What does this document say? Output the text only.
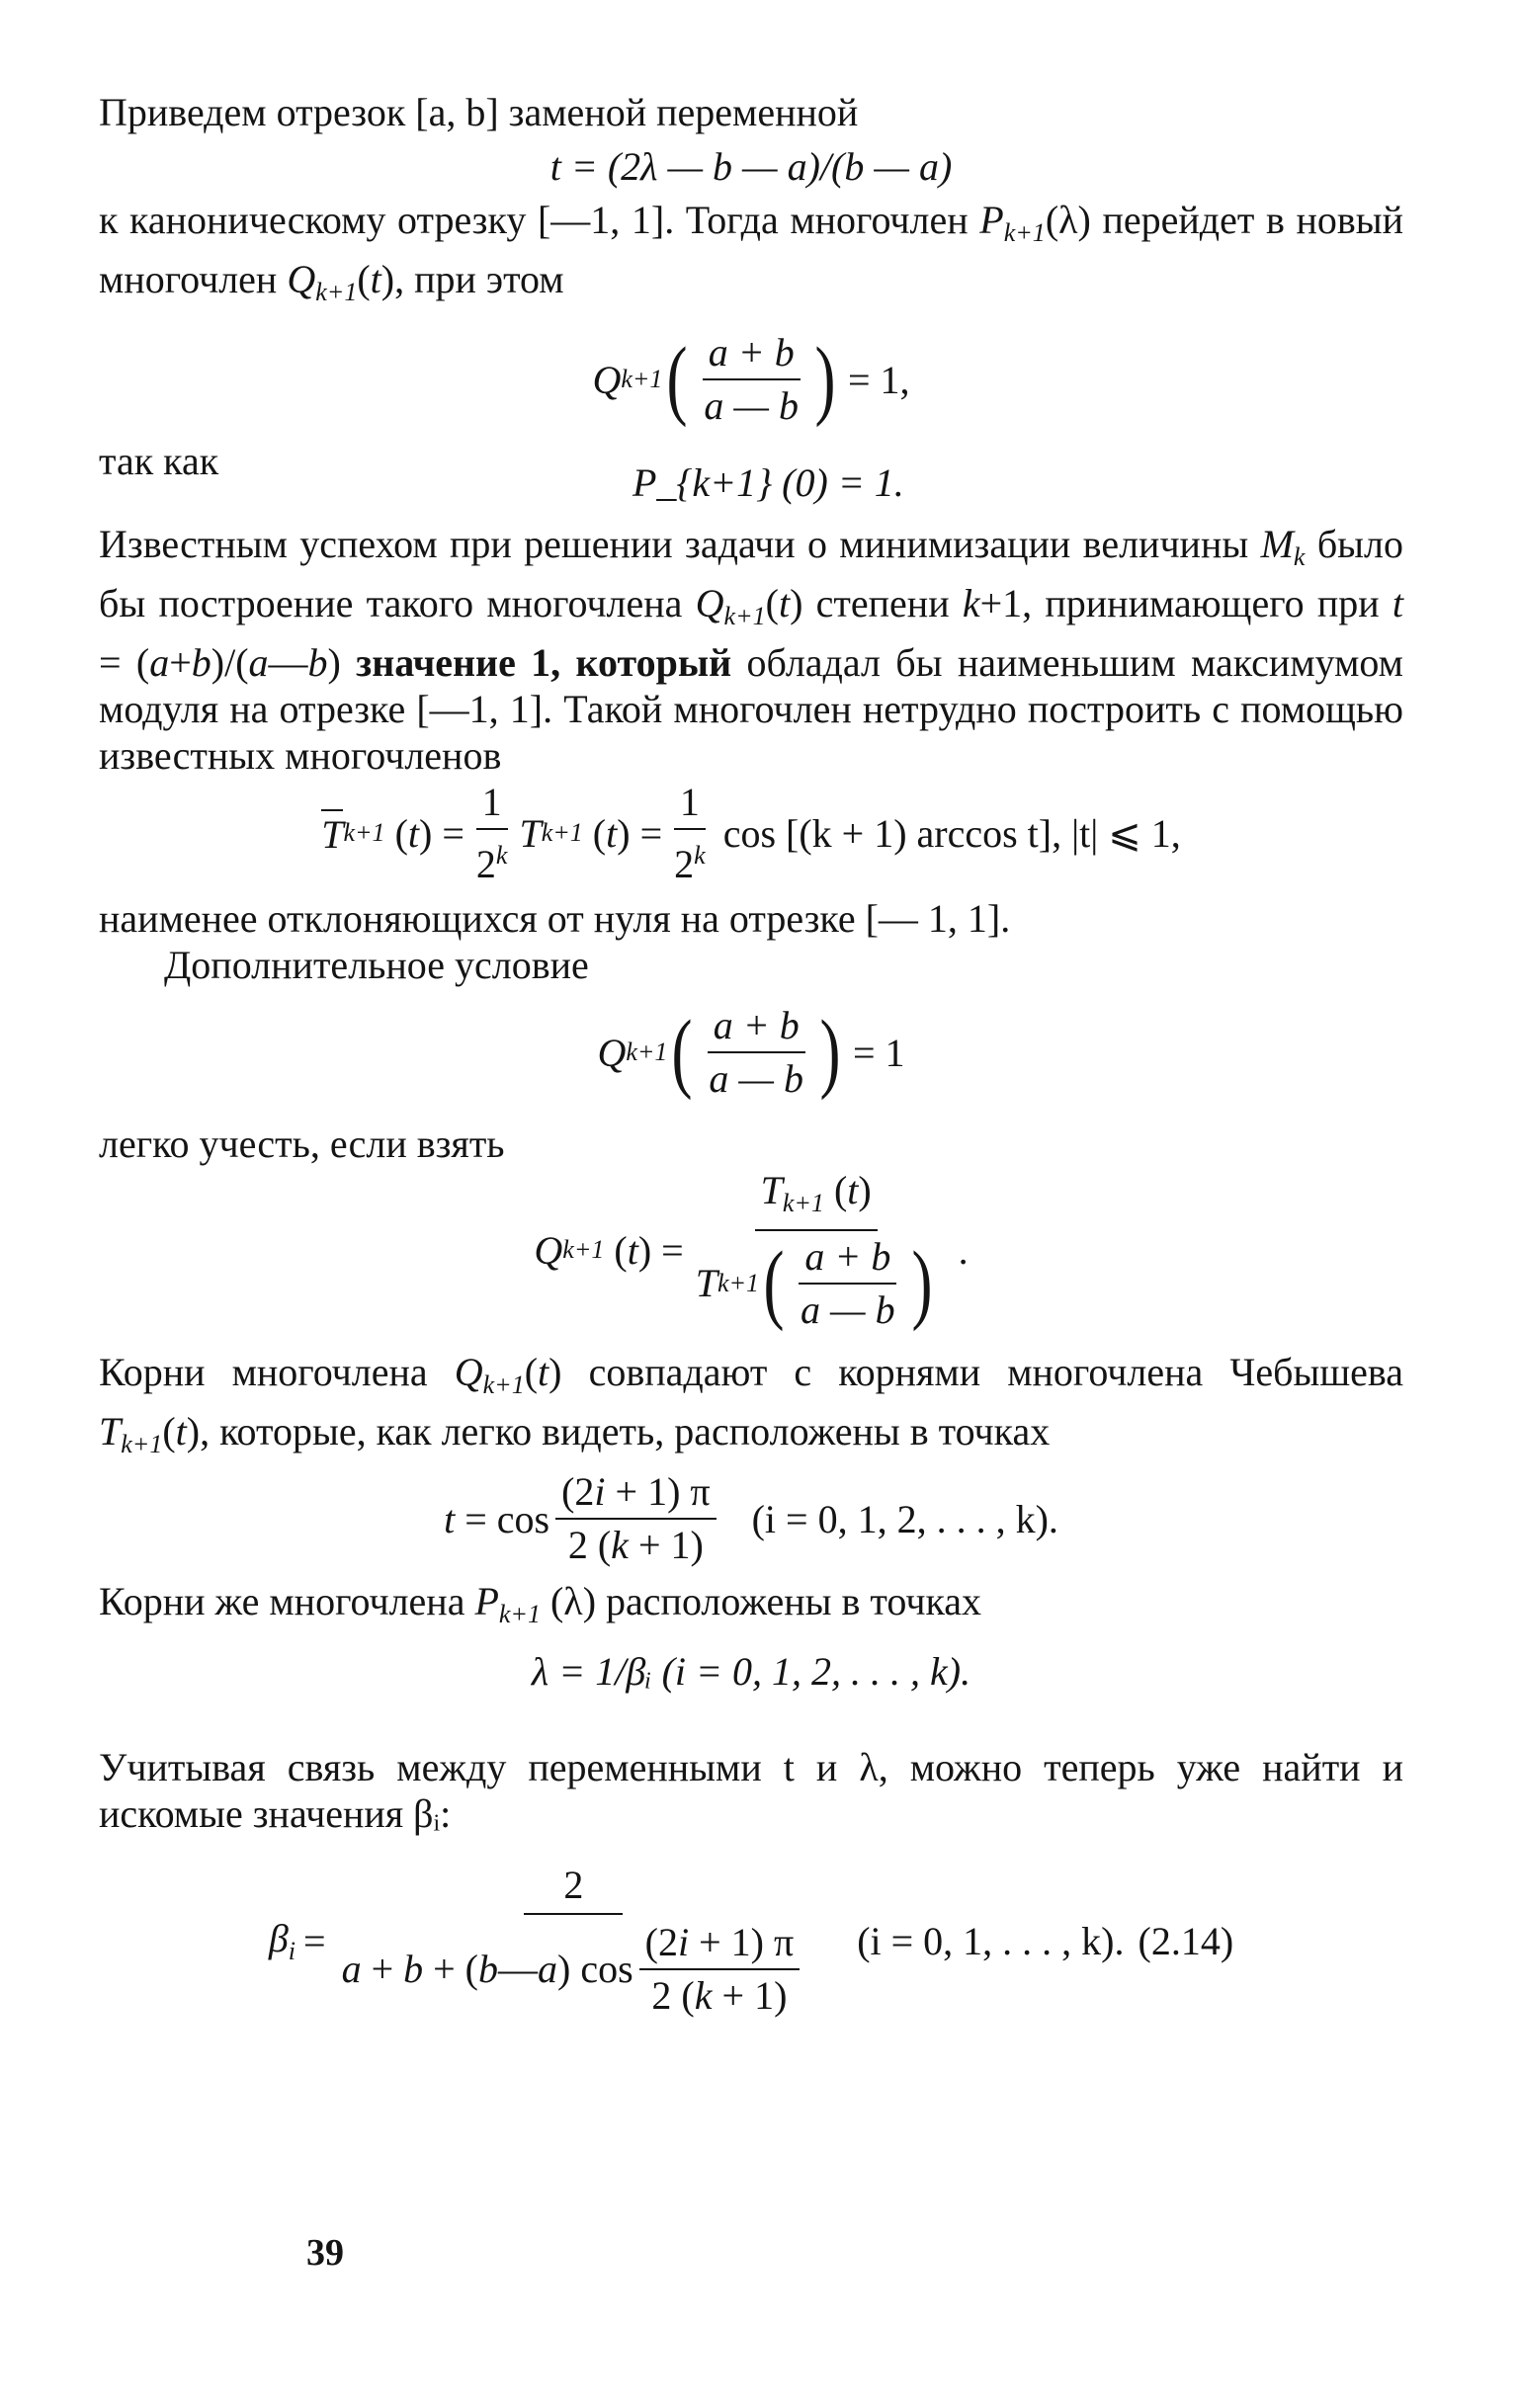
Приведем отрезок [a, b] заменой переменной

t = (2λ — b — a)/(b — a)

к каноническому отрезку [—1, 1]. Тогда многочлен $P_{k+1}(\lambda)$ перейдет в новый многочлен $Q_{k+1}(t)$, при этом

Q k+1 ( $\frac{a + b}{a — b}$ ) = 1,
так как	P_{k+1} (0) = 1.

Известным успехом при решении задачи о минимизации величины $M_k$ было бы построение такого многочлена $Q_{k+1}(t)$ степени k+1, принимающего при t = (a+b)/(a—b) значение 1, который обладал бы наименьшим максимумом модуля на отрезке [—1, 1]. Такой многочлен нетрудно построить с помощью известных многочленов

T k+1 ( t ) = $\frac{1}{2^k}$ T k+1 ( t ) = $\frac{1}{2^k}$ cos [(k + 1) arccos t], |t| ⩽ 1,

наименее отклоняющихся от нуля на отрезке [— 1, 1].

Дополнительное условие

Q k+1 ( $\frac{a + b}{a — b}$ ) = 1

легко учесть, если взять

Q k+1 ( t ) = $\frac{T_{k+1} (t)}{T k+1 ( \frac{a + b}{a — b} )}$ .

Корни многочлена $Q_{k+1}(t)$ совпадают с корнями многочлена Чебышева $T_{k+1}(t)$, которые, как легко видеть, расположены в точках

$t = \cos \frac{(2i + 1) \pi}{2 (k + 1)} (i = 0$, 1, 2, . . . , k).

Корни же многочлена $P_{k+1}$ (λ) расположены в точках

λ = 1/βᵢ (i = 0, 1, 2, . . . , k).

Учитывая связь между переменными t и λ, можно теперь уже найти и искомые значения βᵢ:

$\beta_i = \frac{2}{a + b + ( b — a ) \cos \frac{(2i + 1) \pi}{2 (k + 1)}} (i = 0$, 1, . . . , k). (2.14)
39
